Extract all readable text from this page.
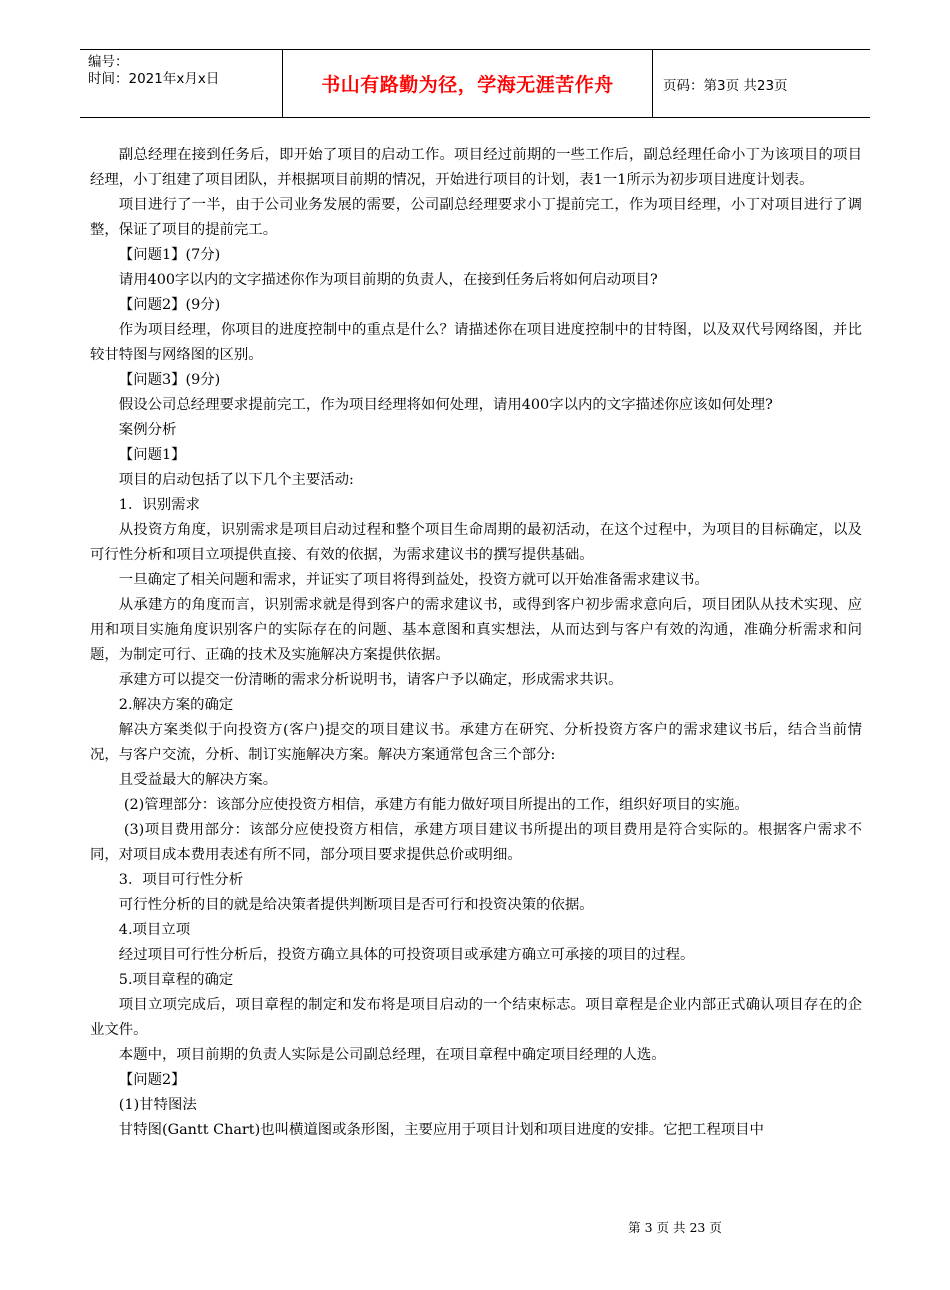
编号：
时间：2021年x月x日	书山有路勤为径，学海无涯苦作舟	页码：第3页 共23页

副总经理在接到任务后，即开始了项目的启动工作。项目经过前期的一些工作后，副总经理任命小丁为该项目的项目经理，小丁组建了项目团队，并根据项目前期的情况，开始进行项目的计划，表1一1所示为初步项目进度计划表。

项目进行了一半，由于公司业务发展的需要，公司副总经理要求小丁提前完工，作为项目经理，小丁对项目进行了调整，保证了项目的提前完工。

【问题1】(7分)

请用400字以内的文字描述你作为项目前期的负责人，在接到任务后将如何启动项目?

【问题2】(9分)

作为项目经理，你项目的进度控制中的重点是什么？请描述你在项目进度控制中的甘特图，以及双代号网络图，并比较甘特图与网络图的区别。

【问题3】(9分)

假设公司总经理要求提前完工，作为项目经理将如何处理，请用400字以内的文字描述你应该如何处理?

案例分析

【问题1】

项目的启动包括了以下几个主要活动:

1．识别需求

从投资方角度，识别需求是项目启动过程和整个项目生命周期的最初活动，在这个过程中，为项目的目标确定，以及可行性分析和项目立项提供直接、有效的依据，为需求建议书的撰写提供基础。

一旦确定了相关问题和需求，并证实了项目将得到益处，投资方就可以开始准备需求建议书。

从承建方的角度而言，识别需求就是得到客户的需求建议书，或得到客户初步需求意向后，项目团队从技术实现、应用和项目实施角度识别客户的实际存在的问题、基本意图和真实想法，从而达到与客户有效的沟通，准确分析需求和问题，为制定可行、正确的技术及实施解决方案提供依据。

承建方可以提交一份清晰的需求分析说明书，请客户予以确定，形成需求共识。

2.解决方案的确定

解决方案类似于向投资方(客户)提交的项目建议书。承建方在研究、分析投资方客户的需求建议书后，结合当前情况，与客户交流，分析、制订实施解决方案。解决方案通常包含三个部分:

且受益最大的解决方案。

(2)管理部分：该部分应使投资方相信，承建方有能力做好项目所提出的工作，组织好项目的实施。

(3)项目费用部分：该部分应使投资方相信，承建方项目建议书所提出的项目费用是符合实际的。根据客户需求不同，对项目成本费用表述有所不同，部分项目要求提供总价或明细。

3．项目可行性分析

可行性分析的目的就是给决策者提供判断项目是否可行和投资决策的依据。

4.项目立项

经过项目可行性分析后，投资方确立具体的可投资项目或承建方确立可承接的项目的过程。

5.项目章程的确定

项目立项完成后，项目章程的制定和发布将是项目启动的一个结束标志。项目章程是企业内部正式确认项目存在的企业文件。

本题中，项目前期的负责人实际是公司副总经理，在项目章程中确定项目经理的人选。

【问题2】

(1)甘特图法

甘特图(Gantt Chart)也叫横道图或条形图，主要应用于项目计划和项目进度的安排。它把工程项目中

第 3 页 共 23 页
